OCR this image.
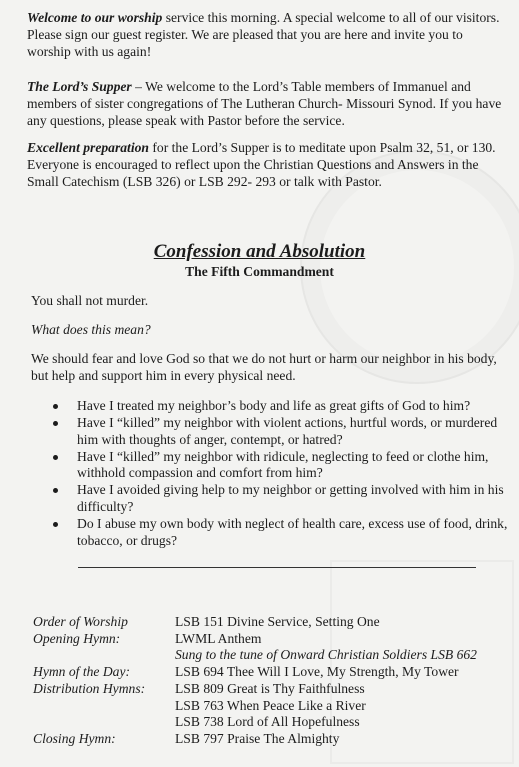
Welcome to our worship service this morning. A special welcome to all of our visitors. Please sign our guest register. We are pleased that you are here and invite you to worship with us again!

The Lord’s Supper – We welcome to the Lord’s Table members of Immanuel and members of sister congregations of The Lutheran Church- Missouri Synod. If you have any questions, please speak with Pastor before the service.

Excellent preparation for the Lord’s Supper is to meditate upon Psalm 32, 51, or 130. Everyone is encouraged to reflect upon the Christian Questions and Answers in the Small Catechism (LSB 326) or LSB 292- 293 or talk with Pastor.

Confession and Absolution
The Fifth Commandment

You shall not murder.

What does this mean?

We should fear and love God so that we do not hurt or harm our neighbor in his body, but help and support him in every physical need.

Have I treated my neighbor’s body and life as great gifts of God to him?
Have I “killed” my neighbor with violent actions, hurtful words, or murdered him with thoughts of anger, contempt, or hatred?
Have I “killed” my neighbor with ridicule, neglecting to feed or clothe him, withhold compassion and comfort from him?
Have I avoided giving help to my neighbor or getting involved with him in his difficulty?
Do I abuse my own body with neglect of health care, excess use of food, drink, tobacco, or drugs?
Order of Worship	LSB 151 Divine Service, Setting One
Opening Hymn:	LWML Anthem
	Sung to the tune of Onward Christian Soldiers LSB 662
Hymn of the Day:	LSB 694 Thee Will I Love, My Strength, My Tower
Distribution Hymns:	LSB 809 Great is Thy Faithfulness
	LSB 763 When Peace Like a River
	LSB 738 Lord of All Hopefulness
Closing Hymn:	LSB 797 Praise The Almighty
